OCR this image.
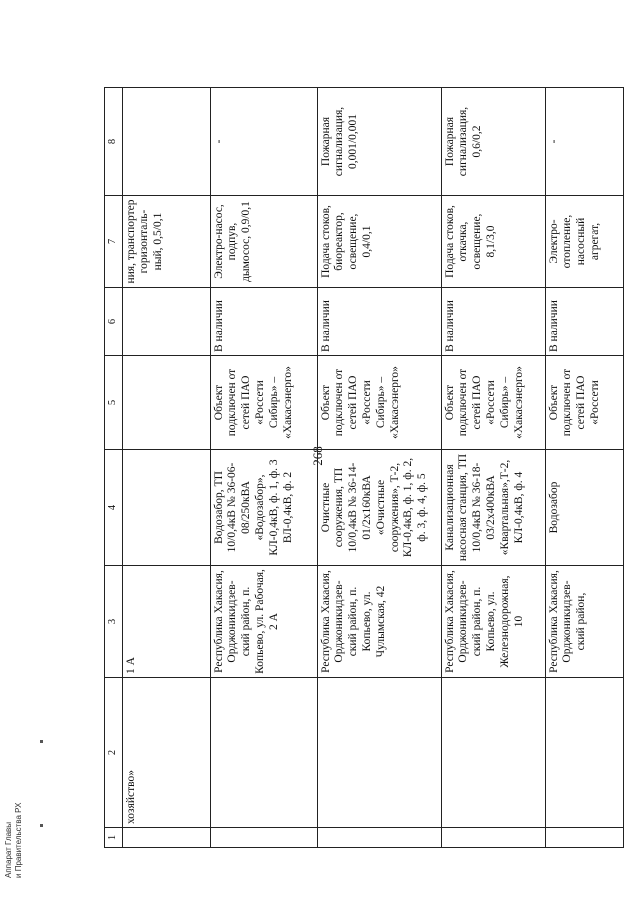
268
1	2	3	4	5	6	7	8
	хозяйство»	1 А				ния, транспортер горизонталь-ный, 0,5/0,1	
		Республика Хакасия, Орджоникидзев-ский район, п. Копьево, ул. Рабочая, 2 А	Водозабор, ТП 10/0,4кВ № 36-06-08/250кВА «Водозабор», КЛ-0,4кВ, ф. 1, ф. 3 ВЛ-0,4кВ, ф. 2	Объект подключен от сетей ПАО «Россети Сибирь» – «Хакасэнерго»	В наличии	Электро-насос, подпув, дымосос, 0,9/0,1	-
		Республика Хакасия, Орджоникидзев-ский район, п. Копьево, ул. Чулымская, 42	Очистные сооружения, ТП 10/0,4кВ № 36-14-01/2х160кВА «Очистные сооружения», Т-2, КЛ-0,4кВ, ф. 1, ф. 2, ф. 3, ф. 4, ф. 5	Объект подключен от сетей ПАО «Россети Сибирь» – «Хакасэнерго»	В наличии	Подача стоков, биореактор, освещение, 0,4/0,1	Пожарная сигнализация, 0,001/0,001
		Республика Хакасия, Орджоникидзев-ский район, п. Копьево, ул. Железнодорожная, 10	Канализационная насосная станция, ТП 10/0,4кВ № 36-18-03/2х400кВА «Квартальная»,Т-2, КЛ-0,4кВ, ф. 4	Объект подключен от сетей ПАО «Россети Сибирь» – «Хакасэнерго»	В наличии	Подача стоков, откачка, освещение, 8,1/3,0	Пожарная сигнализация, 0,6/0,2
		Республика Хакасия, Орджоникидзев-ский район,	Водозабор	Объект подключен от сетей ПАО «Россети	В наличии	Электро-отопление, насосный агрегат,	-
Аппарат Главы и Правительства РХ
